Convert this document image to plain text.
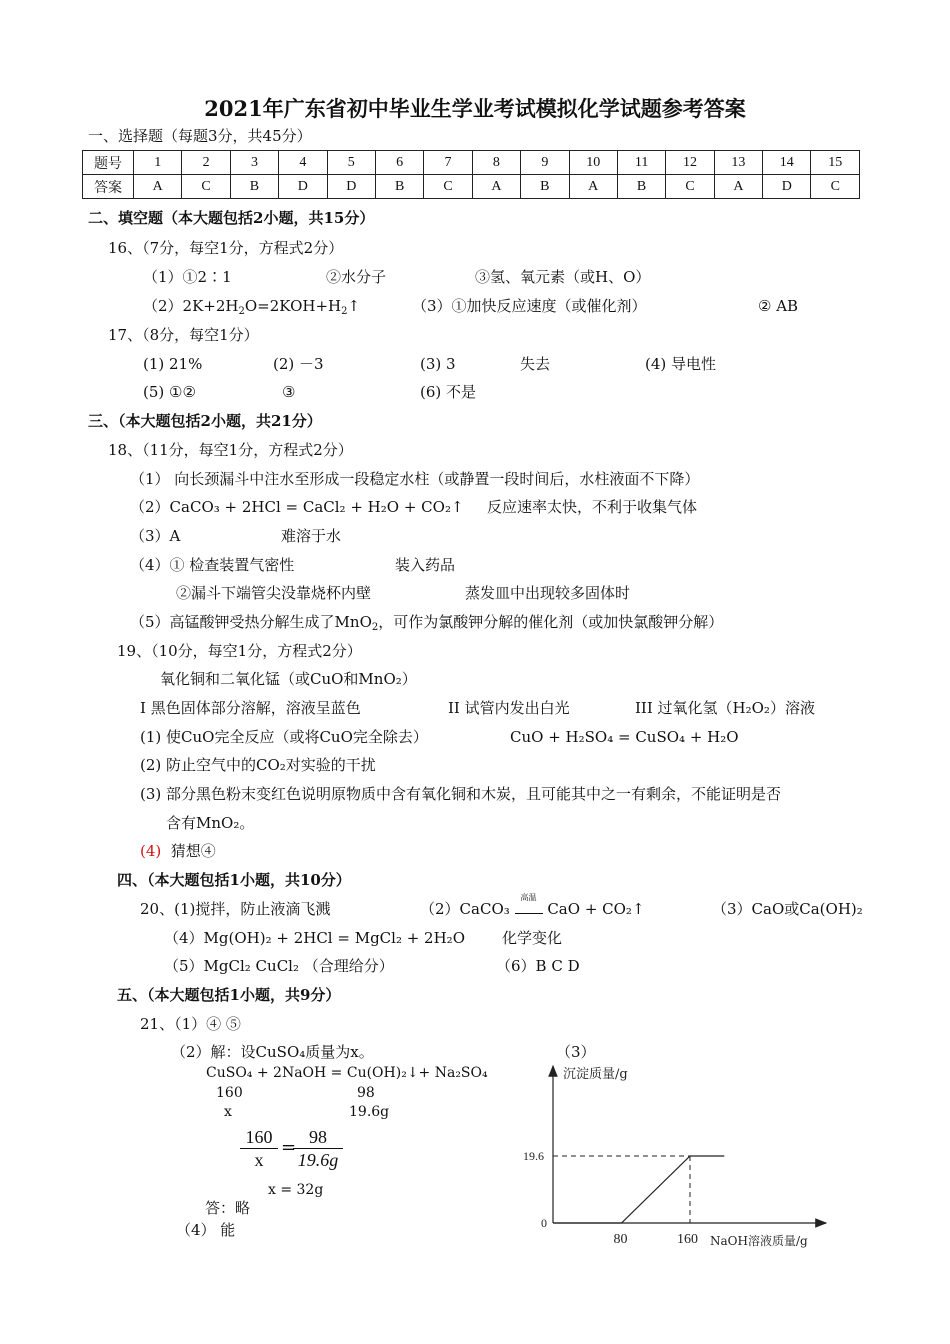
2021年广东省初中毕业生学业考试模拟化学试题参考答案
一、选择题（每题3分，共45分）
题号	1	2	3	4	5	6	7	8	9	10	11	12	13	14	15
答案	A	C	B	D	D	B	C	A	B	A	B	C	A	D	C
二、填空题（本大题包括2小题，共15分）
16、（7分，每空1分，方程式2分）
（1）①2∶1	②水分子	③氢、氧元素（或H、O）
$(2)2K+2H_2O=2KOH+H_2↑$	（3）①加快反应速度（或催化剂）	② AB
17、（8分，每空1分）
(1) 21%	(2) －3	(3) 3	失去	(4) 导电性
(5) ①②	③	(6) 不是
三、（本大题包括2小题，共21分）
18、（11分，每空1分，方程式2分）
（1） 向长颈漏斗中注水至形成一段稳定水柱（或静置一段时间后，水柱液面不下降）
（2）CaCO₃ + 2HCl = CaCl₂ + H₂O + CO₂↑ 反应速率太快，不利于收集气体
（3）A	难溶于水
（4）① 检查装置气密性	装入药品
②漏斗下端管尖没靠烧杯内壁	蒸发皿中出现较多固体时
（5）高锰酸钾受热分解生成了MnO$_2$，可作为氯酸钾分解的催化剂（或加快氯酸钾分解）
19、（10分，每空1分，方程式2分）
氧化铜和二氧化锰（或CuO和MnO₂）
I 黑色固体部分溶解，溶液呈蓝色	II 试管内发出白光	III 过氧化氢（H₂O₂）溶液
(1) 使CuO完全反应（或将CuO完全除去）	CuO + H₂SO₄ = CuSO₄ + H₂O
(2) 防止空气中的CO₂对实验的干扰
(3) 部分黑色粉末变红色说明原物质中含有氧化铜和木炭，且可能其中之一有剩余，不能证明是否
含有MnO₂。
(4) 猜想④
四、（本大题包括1小题，共10分）
20、(1)搅拌，防止液滴飞溅	（2）CaCO₃
高温
CaO + CO₂↑	（3）CaO或Ca(OH)₂
（4）Mg(OH)₂ + 2HCl = MgCl₂ + 2H₂O 化学变化
（5）MgCl₂ CuCl₂ （合理给分）	（6）B C D
五、（本大题包括1小题，共9分）
21、（1）④ ⑤
（2）解：设CuSO₄质量为x。
CuSO₄ + 2NaOH = Cu(OH)₂↓+ Na₂SO₄
160	98
x	19.6g
$\frac{160}{x}$ =
$\frac{98}{19.6g}$
x = 32g
答：略
（4） 能
（3）
沉淀质量/g
NaOH溶液质量/g
19.6
0
80	160
